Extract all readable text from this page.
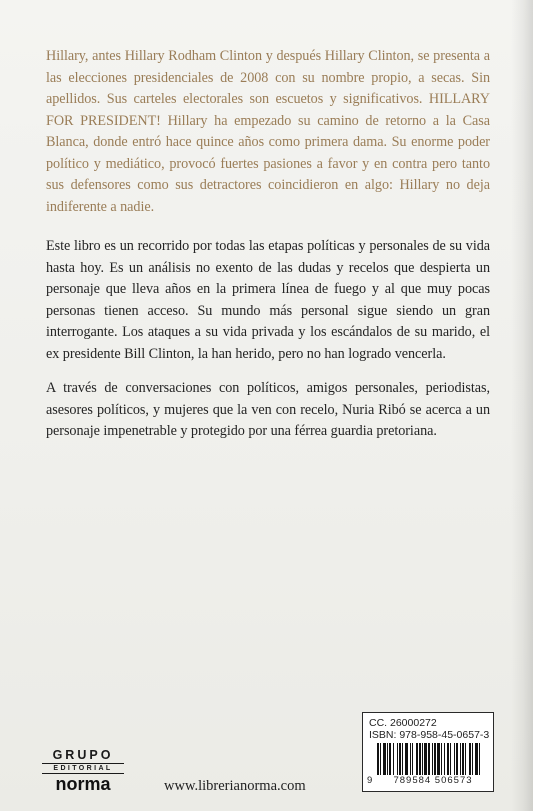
Hillary, antes Hillary Rodham Clinton y después Hillary Clinton, se presenta a las elecciones presidenciales de 2008 con su nombre propio, a secas. Sin apellidos. Sus carteles electorales son escuetos y significativos. HILLARY FOR PRESIDENT! Hillary ha empezado su camino de retorno a la Casa Blanca, donde entró hace quince años como primera dama. Su enorme poder político y mediático, provocó fuertes pasiones a favor y en contra pero tanto sus defensores como sus detractores coincidieron en algo: Hillary no deja indiferente a nadie.

Este libro es un recorrido por todas las etapas políticas y personales de su vida hasta hoy. Es un análisis no exento de las dudas y recelos que despierta un personaje que lleva años en la primera línea de fuego y al que muy pocas personas tienen acceso. Su mundo más personal sigue siendo un gran interrogante. Los ataques a su vida privada y los escándalos de su marido, el ex presidente Bill Clinton, la han herido, pero no han logrado vencerla.

A través de conversaciones con políticos, amigos personales, periodistas, asesores políticos, y mujeres que la ven con recelo, Nuria Ribó se acerca a un personaje impenetrable y protegido por una férrea guardia pretoriana.

GRUPO
EDITORIAL
norma	www.librerianorma.com
CC. 26000272
ISBN: 978-958-45-0657-3
9	789584 506573
